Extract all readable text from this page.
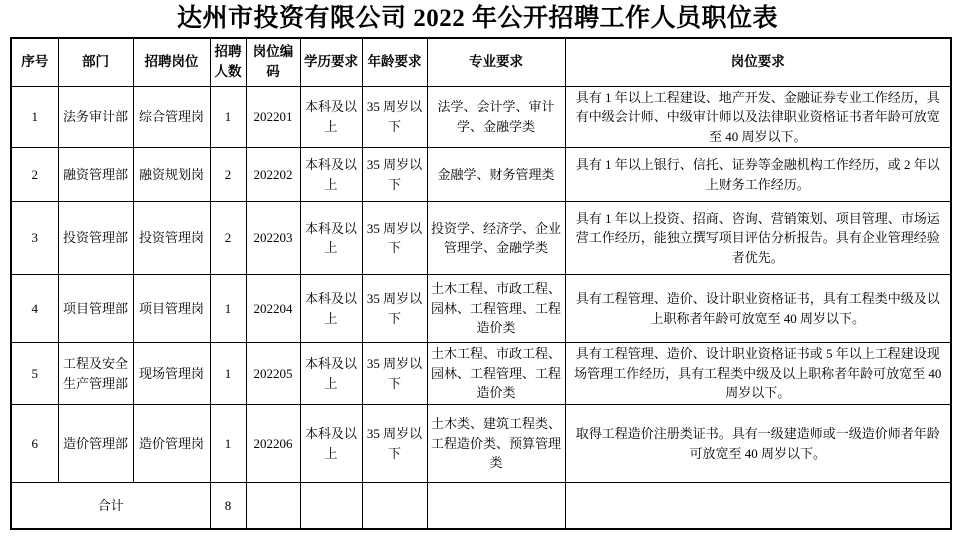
达州市投资有限公司 2022 年公开招聘工作人员职位表
序号	部门	招聘岗位	招聘人数	岗位编码	学历要求	年龄要求	专业要求	岗位要求
1	法务审计部	综合管理岗	1	202201	本科及以上	35 周岁以下	法学、会计学、审计学、金融学类	具有 1 年以上工程建设、地产开发、金融证券专业工作经历，具有中级会计师、中级审计师以及法律职业资格证书者年龄可放宽至 40 周岁以下。
2	融资管理部	融资规划岗	2	202202	本科及以上	35 周岁以下	金融学、财务管理类	具有 1 年以上银行、信托、证券等金融机构工作经历，或 2 年以上财务工作经历。
3	投资管理部	投资管理岗	2	202203	本科及以上	35 周岁以下	投资学、经济学、企业管理学、金融学类	具有 1 年以上投资、招商、咨询、营销策划、项目管理、市场运营工作经历，能独立撰写项目评估分析报告。具有企业管理经验者优先。
4	项目管理部	项目管理岗	1	202204	本科及以上	35 周岁以下	土木工程、市政工程、园林、工程管理、工程造价类	具有工程管理、造价、设计职业资格证书，具有工程类中级及以上职称者年龄可放宽至 40 周岁以下。
5	工程及安全生产管理部	现场管理岗	1	202205	本科及以上	35 周岁以下	土木工程、市政工程、园林、工程管理、工程造价类	具有工程管理、造价、设计职业资格证书或 5 年以上工程建设现场管理工作经历，具有工程类中级及以上职称者年龄可放宽至 40 周岁以下。
6	造价管理部	造价管理岗	1	202206	本科及以上	35 周岁以下	土木类、建筑工程类、工程造价类、预算管理类	取得工程造价注册类证书。具有一级建造师或一级造价师者年龄可放宽至 40 周岁以下。
合计			8					
